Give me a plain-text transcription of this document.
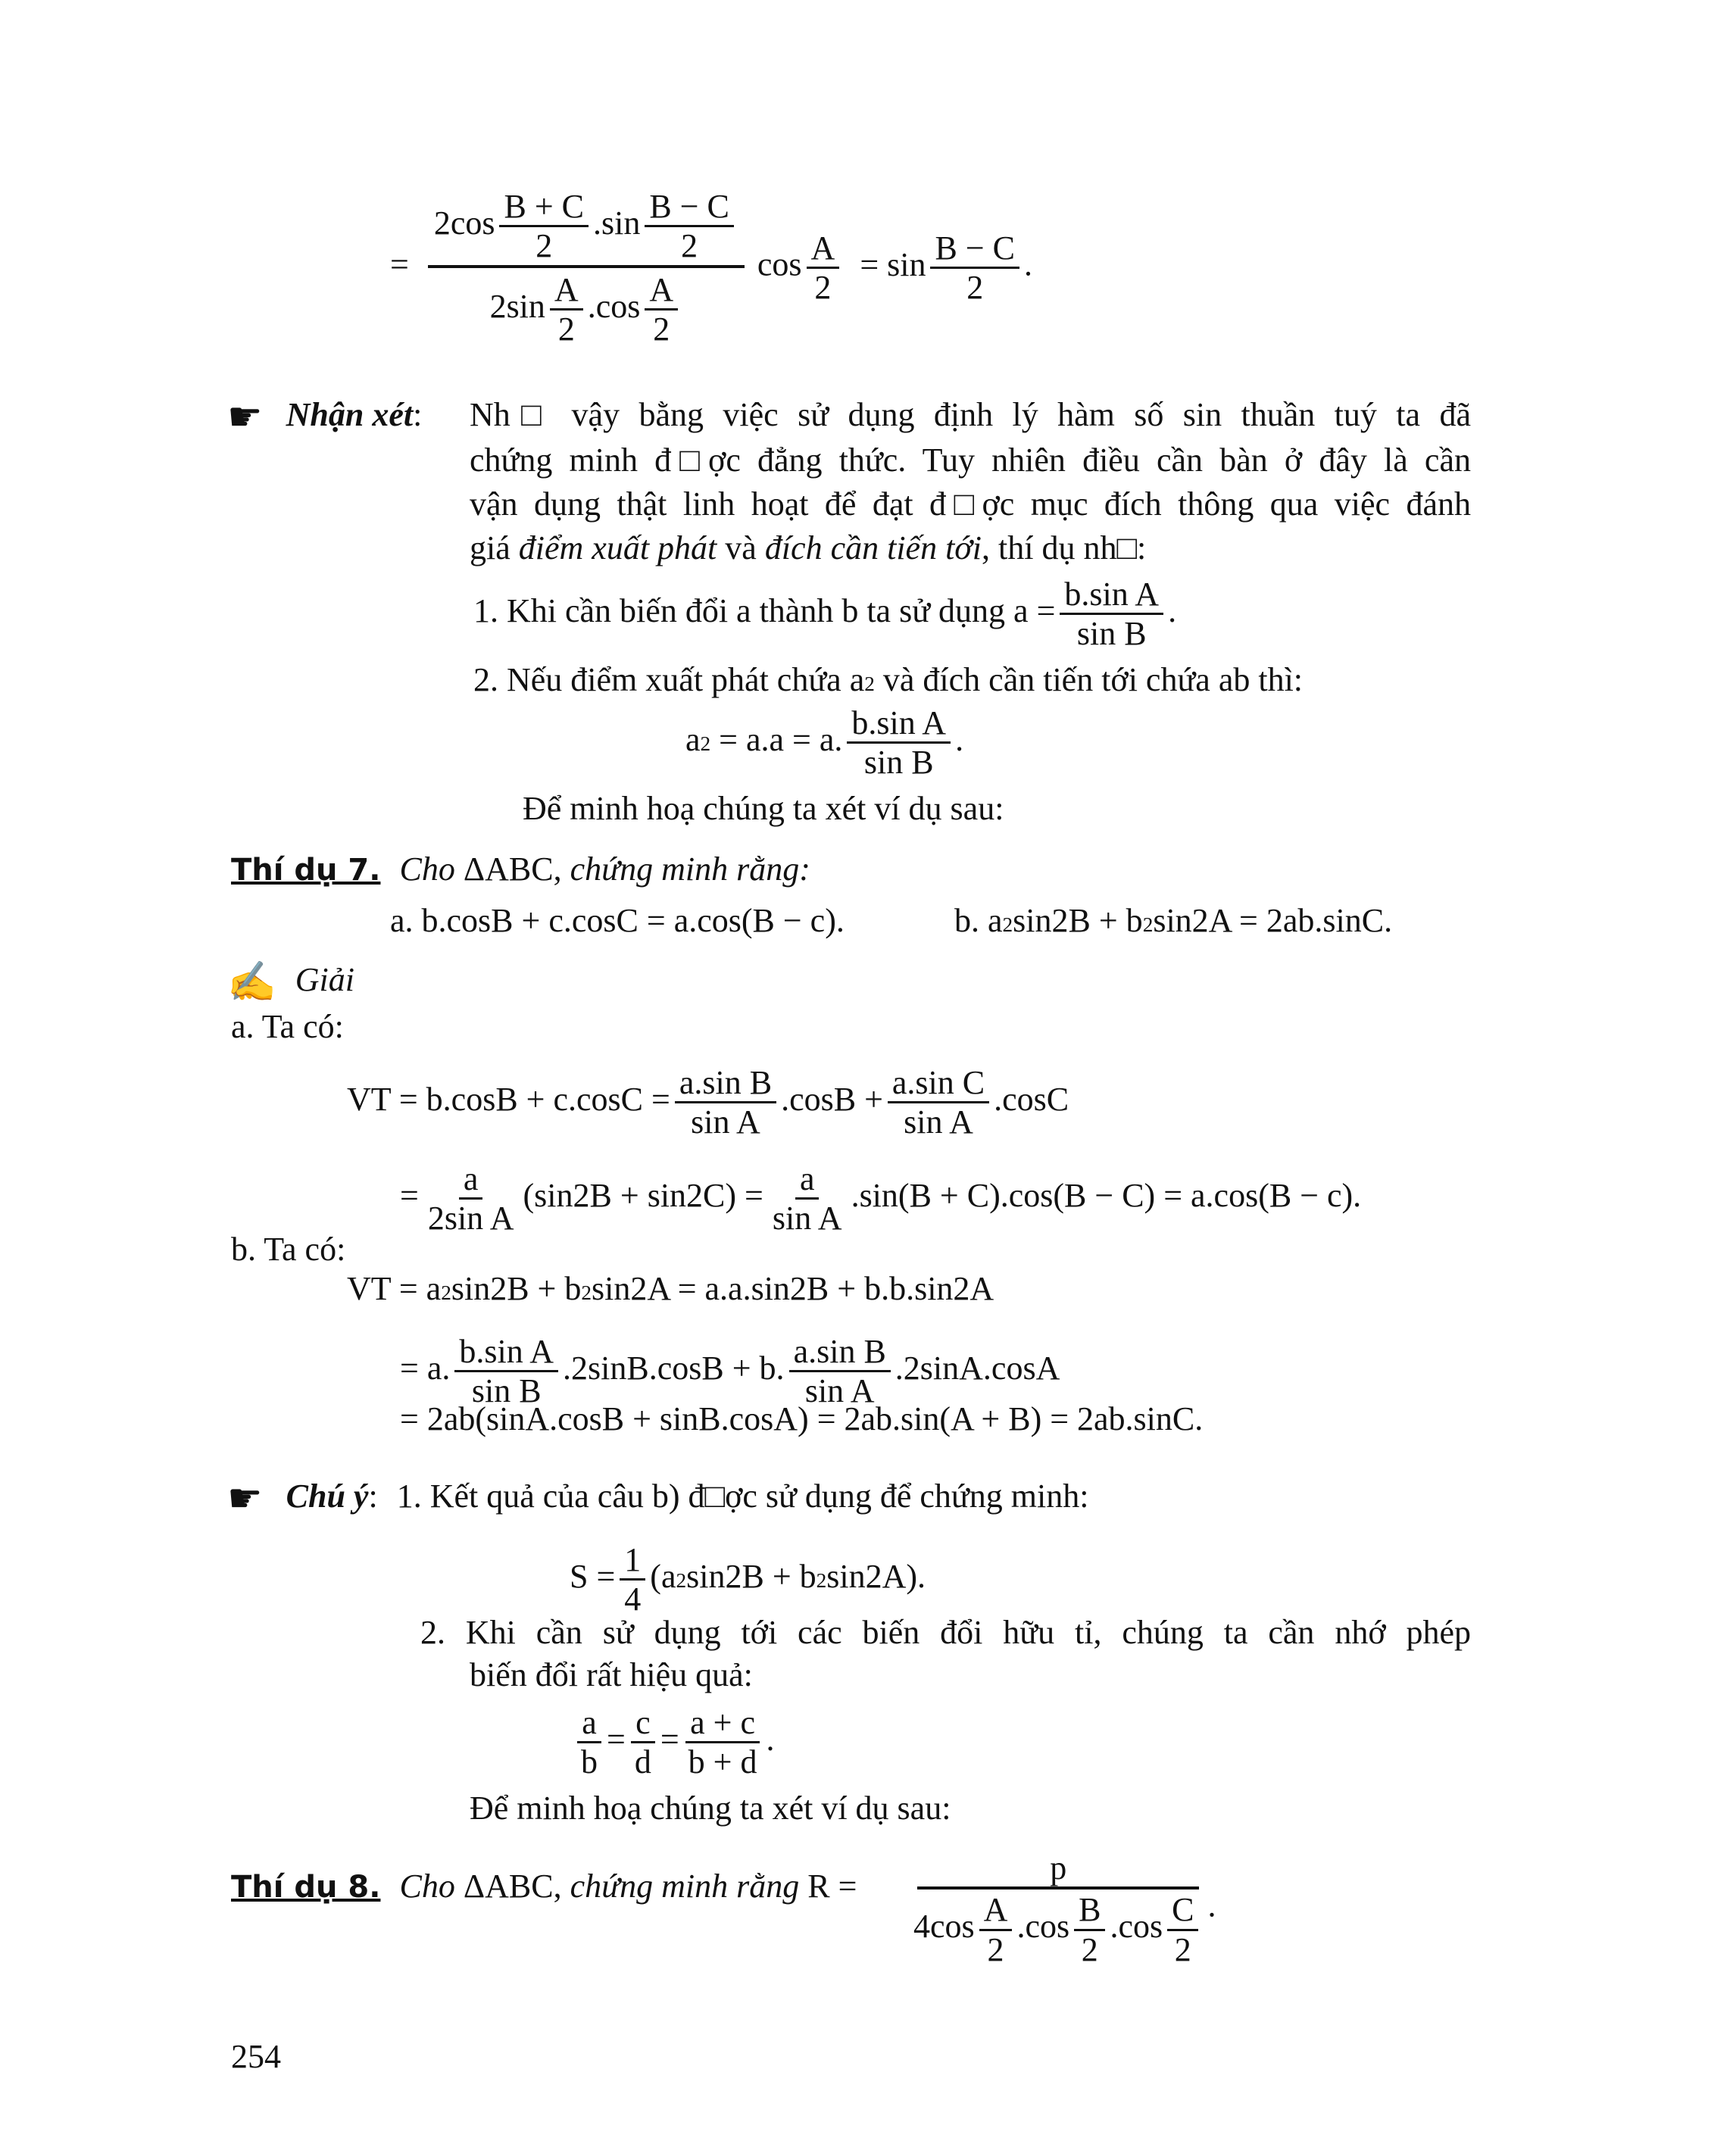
= $\frac{2\cos \frac{B + C}{2} .\sin \frac{B - C}{2}}{2\sin \frac{A}{2} .\cos \frac{A}{2}}$ $\cos \frac{A}{2} = \sin \frac{B - C}{2}$ .
☛ Nhận xét: Nh□ vậy bằng việc sử dụng định lý hàm số sin thuần tuý ta đã
chứng minh đ□ợc đẳng thức. Tuy nhiên điều cần bàn ở đây là cần
vận dụng thật linh hoạt để đạt đ□ợc mục đích thông qua việc đánh
giá điểm xuất phát và đích cần tiến tới, thí dụ nh□:
1. Khi cần biến đổi a thành b ta sử dụng $a = \frac{\text{b.sin A}}{\text{sin B}}$ .
2. Nếu điểm xuất phát chứa $a^2$ và đích cần tiến tới chứa ab thì:
$a^2 = a.a = a$. $\frac{\text{b.sin A}}{\text{sin B}}$ .
Để minh hoạ chúng ta xét ví dụ sau:
Thí dụ 7. Cho ΔABC, chứng minh rằng:
a. b.cosB + c.cosC = a.cos(B − c).	b. $a^2\sin 2B + b^2\sin 2A = 2ab.\sin C$.
✍ Giải
a. Ta có:
VT = $b.\cos B + c.\cos C = \frac{\text{a.sin B}}{\text{sin A}} .\cos B + \frac{\text{a.sin C}}{\text{sin A}} .\cos C$
= $\frac{a}{\text{2sin A}} (\sin 2B + \sin 2C) = \frac{a}{\text{sin A}} .\sin(B + C).\cos(B - C) = a.\cos(B - c)$.
b. Ta có:
VT = $a^2\sin 2B + b^2\sin 2A = a.a.\sin 2B + b.b.\sin 2A$
= a. $\frac{\text{b.sin A}}{\text{sin B}} .2\sin B.\cos B + b$. $\frac{\text{a.sin B}}{\text{sin A}} .2\sin A.\cos A$
= 2ab(sinA.cosB + sinB.cosA) = 2ab.sin(A + B) = 2ab.sinC.
☛ Chú ý: 1. Kết quả của câu b) đ□ợc sử dụng để chứng minh:
$S = \frac{1}{4} (a^2\sin 2B + b^2\sin 2A)$.
2. Khi cần sử dụng tới các biến đổi hữu tỉ, chúng ta cần nhớ phép
biến đổi rất hiệu quả:
$\frac{a}{b} = \frac{c}{d} = \frac{a + c}{b + d}$ .
Để minh hoạ chúng ta xét ví dụ sau:
Thí dụ 8. Cho ΔABC, chứng minh rằng $R = \frac{p}{4\cos \frac{A}{2} .\cos \frac{B}{2} .\cos \frac{C}{2}}$ .
254
